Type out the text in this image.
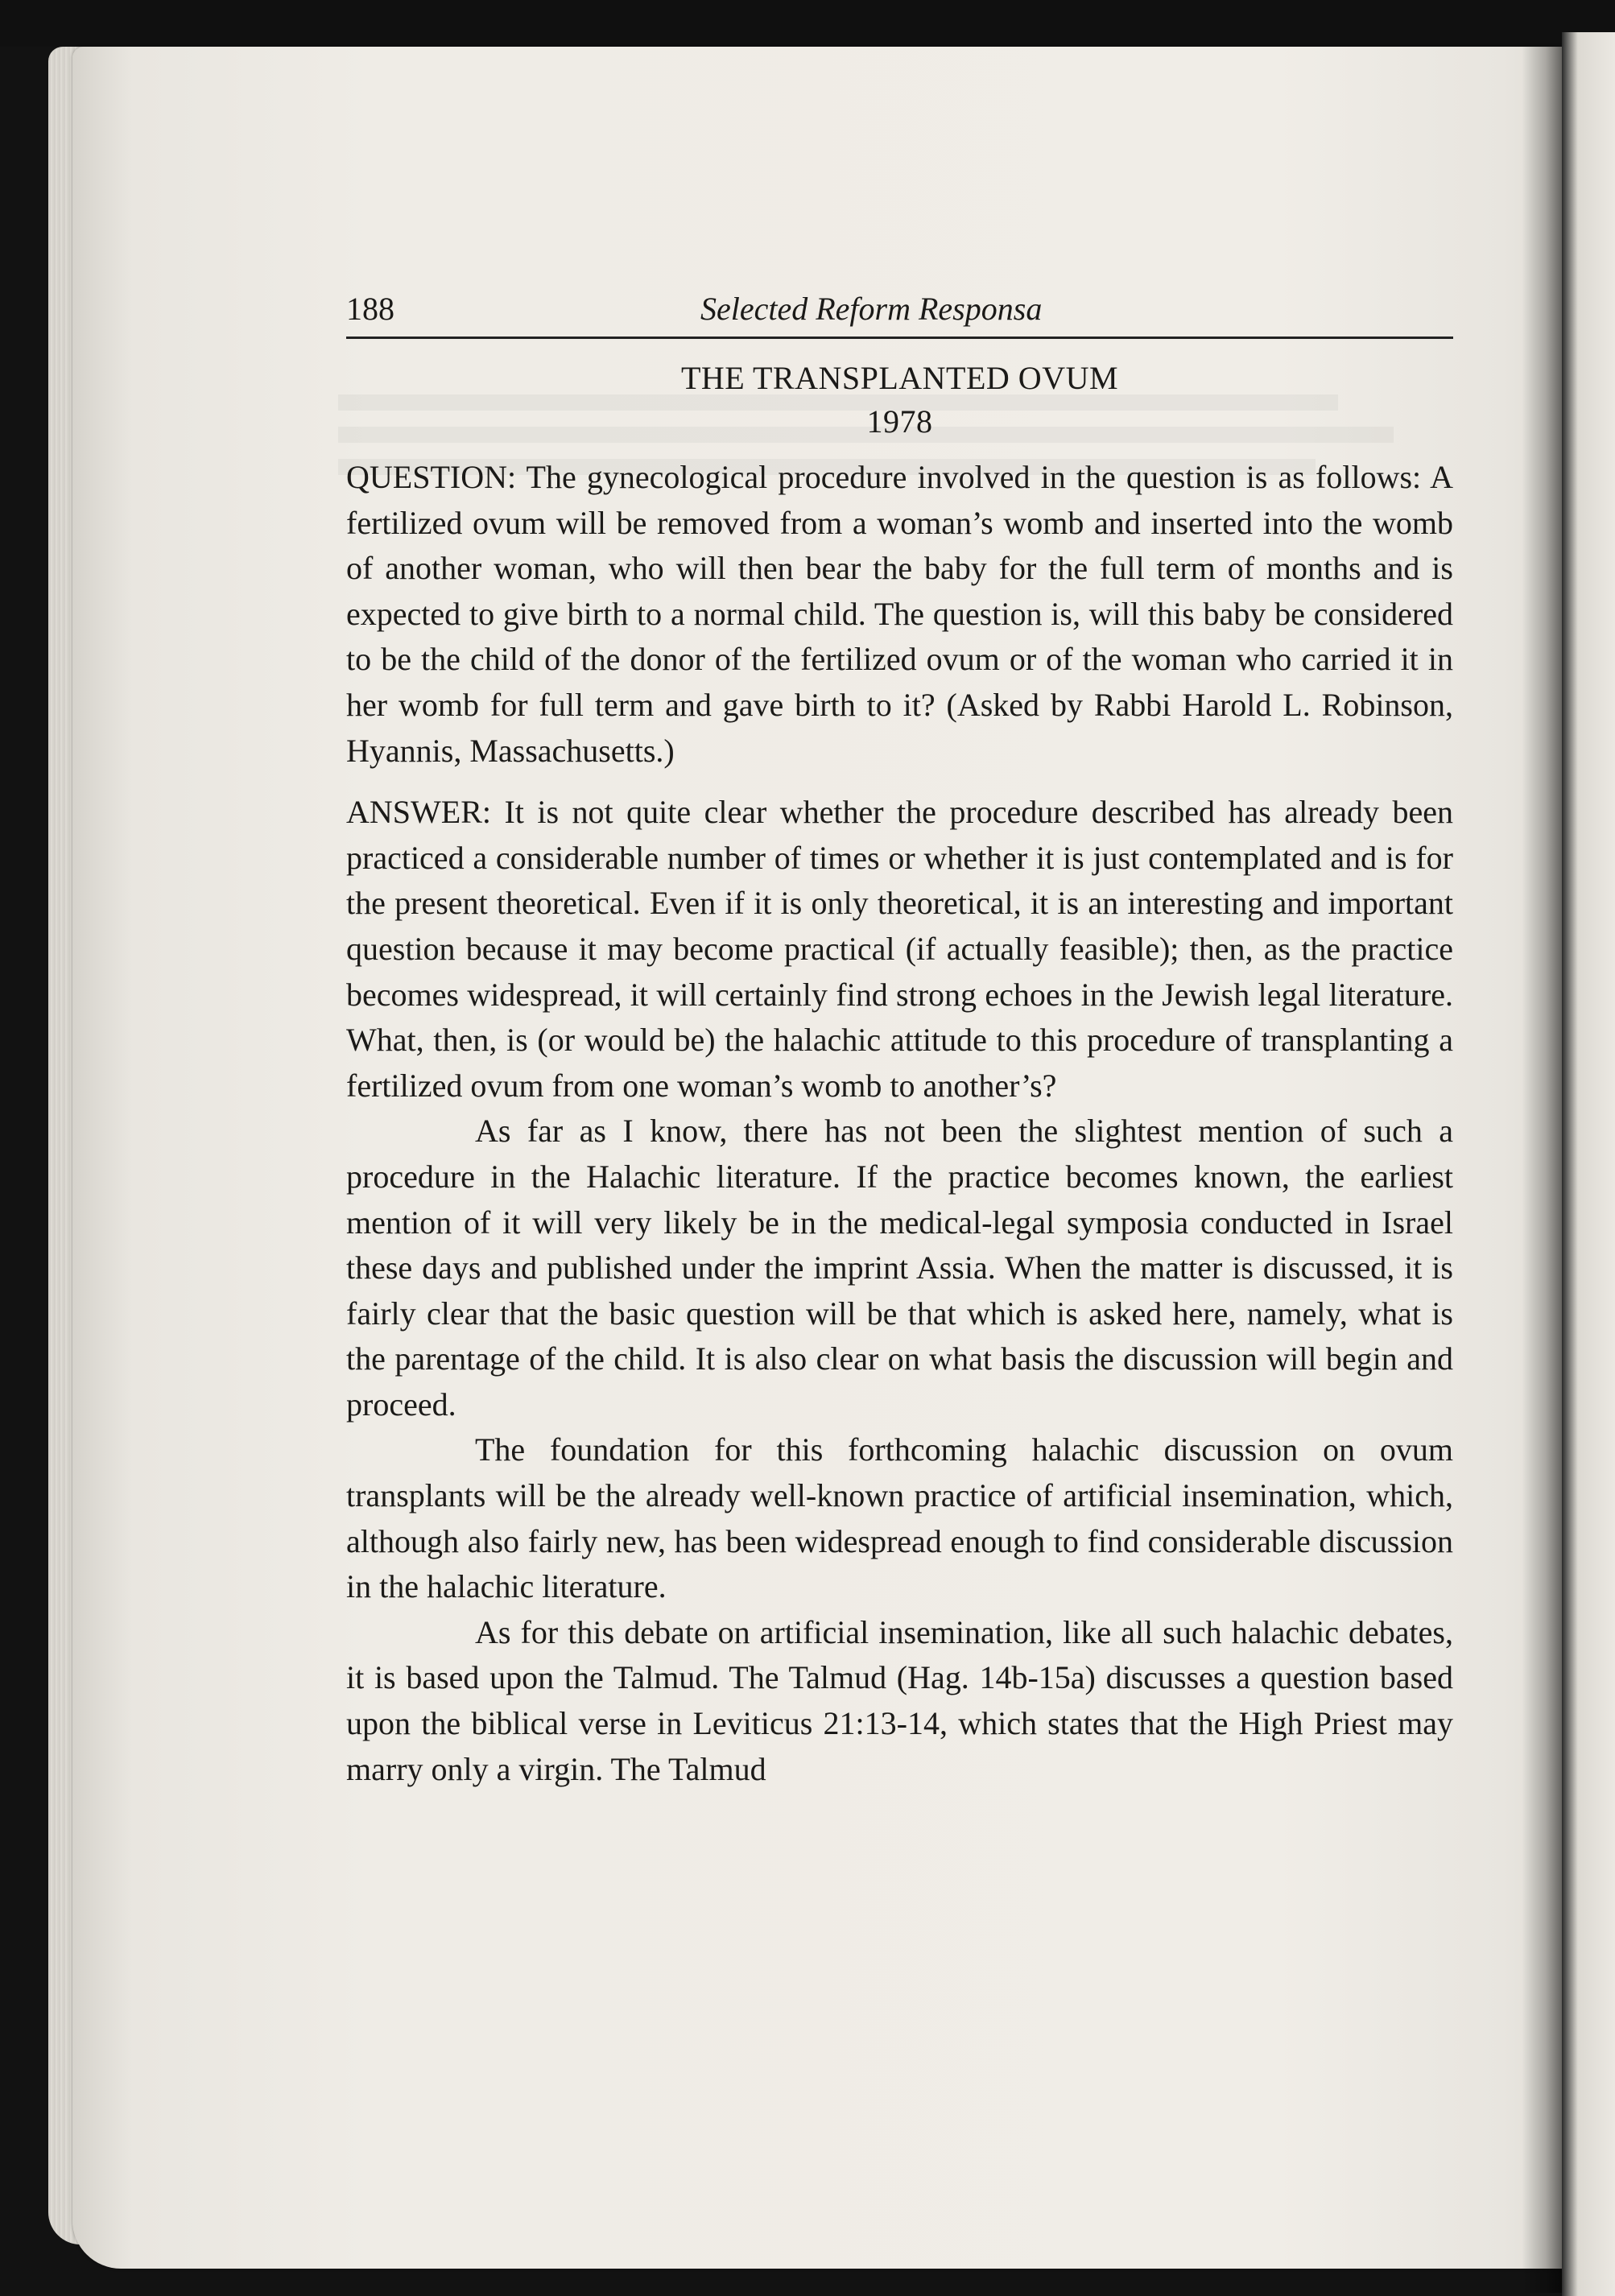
188	Selected Reform Responsa
THE TRANSPLANTED OVUM
1978

QUESTION: The gynecological procedure involved in the question is as follows: A fertilized ovum will be removed from a woman’s womb and inserted into the womb of another woman, who will then bear the baby for the full term of months and is expected to give birth to a normal child. The question is, will this baby be considered to be the child of the donor of the fertilized ovum or of the woman who carried it in her womb for full term and gave birth to it? (Asked by Rabbi Harold L. Robinson, Hyannis, Massachusetts.)

ANSWER: It is not quite clear whether the procedure described has already been practiced a considerable number of times or whether it is just contemplated and is for the present theoretical. Even if it is only theoretical, it is an interesting and important question because it may become practical (if actually feasible); then, as the practice becomes widespread, it will certainly find strong echoes in the Jewish legal literature. What, then, is (or would be) the halachic attitude to this procedure of transplanting a fertilized ovum from one woman’s womb to another’s?

As far as I know, there has not been the slightest mention of such a procedure in the Halachic literature. If the practice becomes known, the earliest mention of it will very likely be in the medical-legal symposia conducted in Israel these days and published under the imprint Assia. When the matter is discussed, it is fairly clear that the basic question will be that which is asked here, namely, what is the parentage of the child. It is also clear on what basis the discussion will begin and proceed.

The foundation for this forthcoming halachic discussion on ovum transplants will be the already well-known practice of artificial insemination, which, although also fairly new, has been widespread enough to find considerable discussion in the halachic literature.

As for this debate on artificial insemination, like all such halachic debates, it is based upon the Talmud. The Talmud (Hag. 14b-15a) discusses a question based upon the biblical verse in Leviticus 21:13-14, which states that the High Priest may marry only a virgin. The Talmud
